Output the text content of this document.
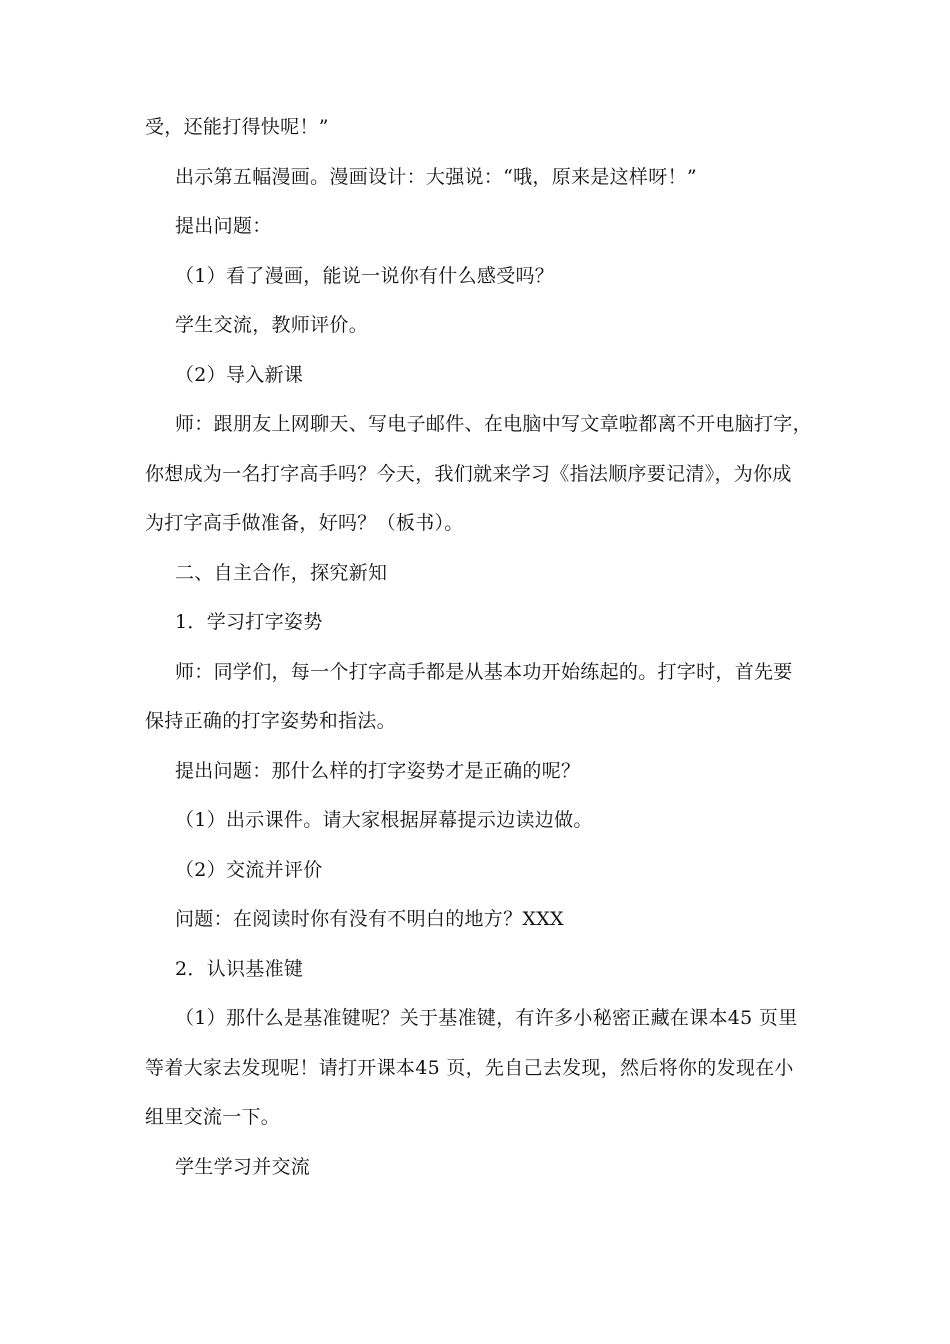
受，还能打得快呢！”

出示第五幅漫画。漫画设计：大强说：“哦，原来是这样呀！”

提出问题：

（1）看了漫画，能说一说你有什么感受吗？

学生交流，教师评价。

（2）导入新课

师：跟朋友上网聊天、写电子邮件、在电脑中写文章啦都离不开电脑打字，

你想成为一名打字高手吗？今天，我们就来学习《指法顺序要记清》，为你成

为打字高手做准备，好吗？（板书）。

二、自主合作，探究新知

1．学习打字姿势

师：同学们，每一个打字高手都是从基本功开始练起的。打字时，首先要

保持正确的打字姿势和指法。

提出问题：那什么样的打字姿势才是正确的呢？

（1）出示课件。请大家根据屏幕提示边读边做。

（2）交流并评价

问题：在阅读时你有没有不明白的地方？XXX

2．认识基准键

（1）那什么是基准键呢？关于基准键，有许多小秘密正藏在课本45 页里

等着大家去发现呢！请打开课本45 页，先自己去发现，然后将你的发现在小

组里交流一下。

学生学习并交流
